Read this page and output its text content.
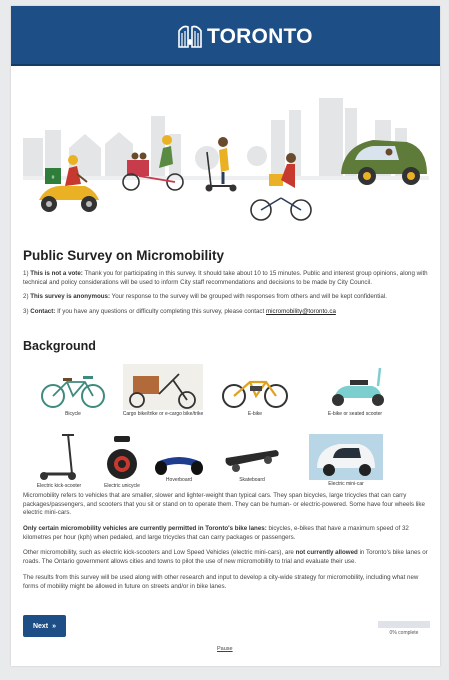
TORONTO
#
Public Survey on Micromobility

1) This is not a vote: Thank you for participating in this survey. It should take about 10 to 15 minutes. Public and interest group opinions, along with technical and policy considerations will be used to inform City staff recommendations and decisions to be made by City Council.

2) This survey is anonymous: Your response to the survey will be grouped with responses from others and will be kept confidential.

3) Contact: If you have any questions or difficulty completing this survey, please contact micromobility@toronto.ca

Background
Bicycle	Cargo bike/trike or e-cargo bike/trike	E-bike	E-bike or seated scooter
Electric kick-scooter	Electric unicycle
Hoverboard	Skateboard
Electric mini-car

Micromobility refers to vehicles that are smaller, slower and lighter-weight than typical cars. They span bicycles, large tricycles that can carry packages/passengers, and scooters that you sit or stand on to operate them. They can be human- or electric-powered. Some have four wheels like electric mini-cars.

Only certain micromobility vehicles are currently permitted in Toronto's bike lanes: bicycles, e-bikes that have a maximum speed of 32 kilometres per hour (kph) when pedaled, and large tricycles that can carry packages or passengers.

Other micromobility, such as electric kick-scooters and Low Speed Vehicles (electric mini-cars), are not currently allowed in Toronto's bike lanes or roads. The Ontario government allows cities and towns to pilot the use of new micromobility to trial and evaluate their use.

The results from this survey will be used along with other research and input to develop a city-wide strategy for micromobility, including what new forms of mobility might be allowed in future on streets and/or in bike lanes.

Next »
0% complete
Pause
